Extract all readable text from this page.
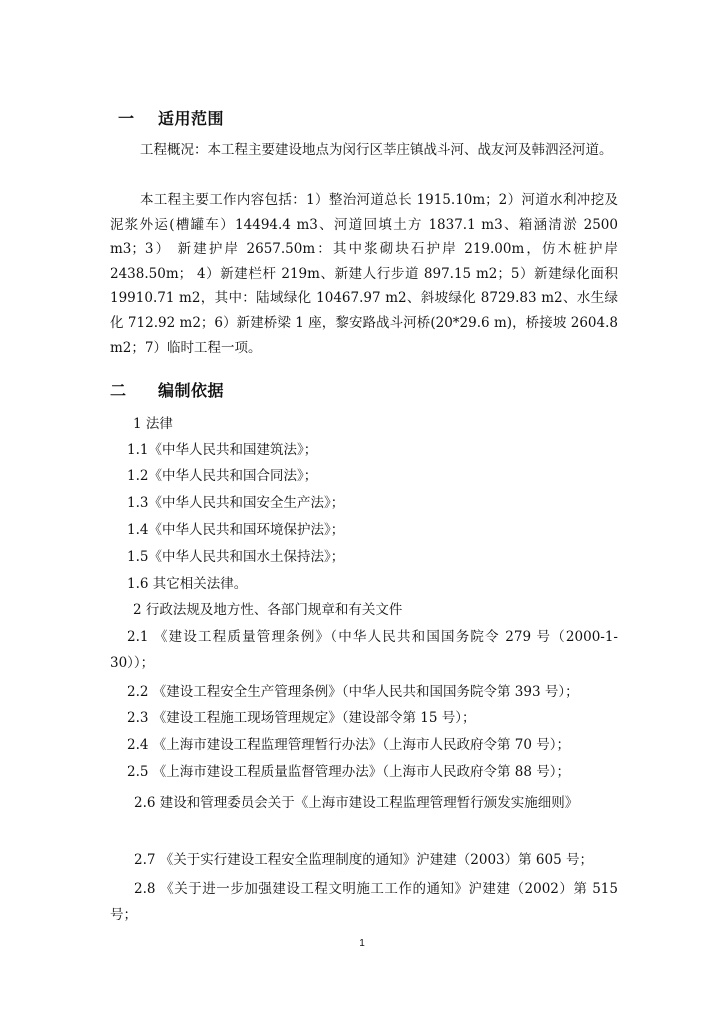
一 适用范围
工程概况：本工程主要建设地点为闵行区莘庄镇战斗河、战友河及韩泗泾河道。
本工程主要工作内容包括：1）整治河道总长 1915.10m；2）河道水利冲挖及泥浆外运(槽罐车）14494.4 m3、河道回填土方 1837.1 m3、箱涵清淤 2500 m3；3） 新建护岸 2657.50m：其中浆砌块石护岸 219.00m，仿木桩护岸 2438.50m； 4）新建栏杆 219m、新建人行步道 897.15 m2；5）新建绿化面积 19910.71 m2，其中：陆域绿化 10467.97 m2、斜坡绿化 8729.83 m2、水生绿化 712.92 m2；6）新建桥梁 1 座，黎安路战斗河桥(20*29.6 m)，桥接坡 2604.8 m2；7）临时工程一项。
二 编制依据
1 法律
1.1《中华人民共和国建筑法》；
1.2《中华人民共和国合同法》；
1.3《中华人民共和国安全生产法》；
1.4《中华人民共和国环境保护法》；
1.5《中华人民共和国水土保持法》；
1.6 其它相关法律。
2 行政法规及地方性、各部门规章和有关文件
2.1 《建设工程质量管理条例》（中华人民共和国国务院令 279 号（2000-1-30））；
2.2 《建设工程安全生产管理条例》（中华人民共和国国务院令第 393 号）；
2.3 《建设工程施工现场管理规定》（建设部令第 15 号）；
2.4 《上海市建设工程监理管理暂行办法》（上海市人民政府令第 70 号）；
2.5 《上海市建设工程质量监督管理办法》（上海市人民政府令第 88 号）；
2.6 建设和管理委员会关于《上海市建设工程监理管理暂行颁发实施细则》
2.7 《关于实行建设工程安全监理制度的通知》沪建建（2003）第 605 号；
2.8 《关于进一步加强建设工程文明施工工作的通知》沪建建（2002）第 515 号；
1
